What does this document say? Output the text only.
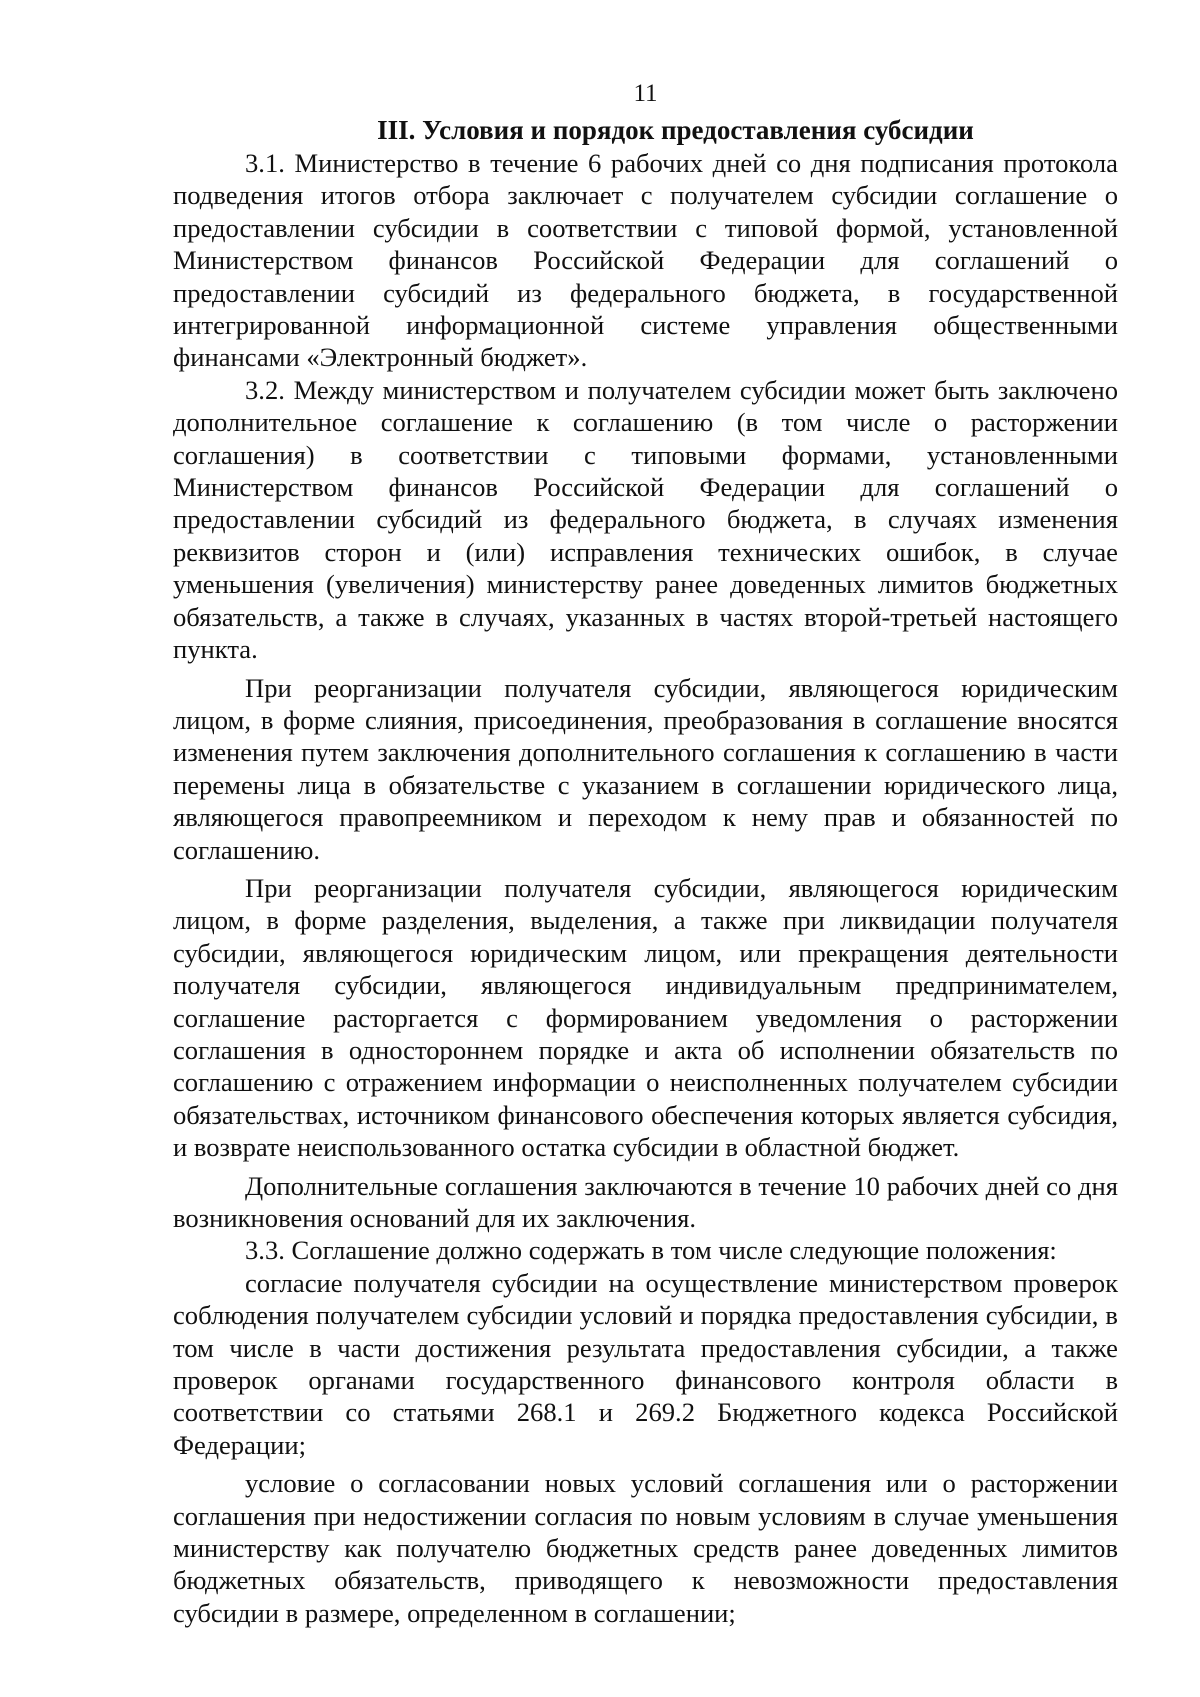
11
III. Условия и порядок предоставления субсидии

3.1. Министерство в течение 6 рабочих дней со дня подписания протокола подведения итогов отбора заключает с получателем субсидии соглашение о предоставлении субсидии в соответствии с типовой формой, установленной Министерством финансов Российской Федерации для соглашений о предоставлении субсидий из федерального бюджета, в государственной интегрированной информационной системе управления общественными финансами «Электронный бюджет».

3.2. Между министерством и получателем субсидии может быть заключено дополнительное соглашение к соглашению (в том числе о расторжении соглашения) в соответствии с типовыми формами, установленными Министерством финансов Российской Федерации для соглашений о предоставлении субсидий из федерального бюджета, в случаях изменения реквизитов сторон и (или) исправления технических ошибок, в случае уменьшения (увеличения) министерству ранее доведенных лимитов бюджетных обязательств, а также в случаях, указанных в частях второй-третьей настоящего пункта.

При реорганизации получателя субсидии, являющегося юридическим лицом, в форме слияния, присоединения, преобразования в соглашение вносятся изменения путем заключения дополнительного соглашения к соглашению в части перемены лица в обязательстве с указанием в соглашении юридического лица, являющегося правопреемником и переходом к нему прав и обязанностей по соглашению.

При реорганизации получателя субсидии, являющегося юридическим лицом, в форме разделения, выделения, а также при ликвидации получателя субсидии, являющегося юридическим лицом, или прекращения деятельности получателя субсидии, являющегося индивидуальным предпринимателем, соглашение расторгается с формированием уведомления о расторжении соглашения в одностороннем порядке и акта об исполнении обязательств по соглашению с отражением информации о неисполненных получателем субсидии обязательствах, источником финансового обеспечения которых является субсидия, и возврате неиспользованного остатка субсидии в областной бюджет.

Дополнительные соглашения заключаются в течение 10 рабочих дней со дня возникновения оснований для их заключения.

3.3. Соглашение должно содержать в том числе следующие положения:

согласие получателя субсидии на осуществление министерством проверок соблюдения получателем субсидии условий и порядка предоставления субсидии, в том числе в части достижения результата предоставления субсидии, а также проверок органами государственного финансового контроля области в соответствии со статьями 268.1 и 269.2 Бюджетного кодекса Российской Федерации;

условие о согласовании новых условий соглашения или о расторжении соглашения при недостижении согласия по новым условиям в случае уменьшения министерству как получателю бюджетных средств ранее доведенных лимитов бюджетных обязательств, приводящего к невозможности предоставления субсидии в размере, определенном в соглашении;
